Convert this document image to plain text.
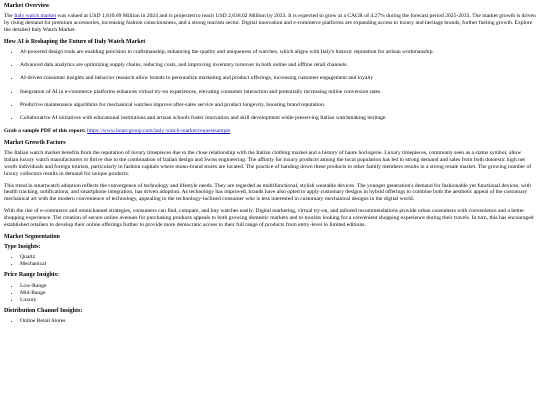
Market Overview

The Italy watch market was valued at USD 1,810.69 Million in 2024 and is projected to reach USD 2,638.02 Million by 2033. It is expected to grow at a CAGR of 4.27% during the forecast period 2025-2033. The market growth is driven by rising demand for premium accessories, increasing fashion consciousness, and a strong tourism sector. Digital innovation and e-commerce platforms are expanding access to luxury and heritage brands, further fueling growth. Explore the detailed Italy Watch Market.

How AI is Reshaping the Future of Italy Watch Market
• AI-powered design tools are enabling precision in craftsmanship, enhancing the quality and uniqueness of watches, which aligns with Italy's historic reputation for artisan workmanship.
• Advanced data analytics are optimizing supply chains, reducing costs, and improving inventory turnover in both online and offline retail channels.
• AI-driven consumer insights and behavior research allow brands to personalize marketing and product offerings, increasing customer engagement and loyalty
• Integration of AI in e-commerce platforms enhances virtual try-on experiences, elevating consumer interaction and potentially increasing online conversion rates.
• Predictive maintenance algorithms for mechanical watches improve after-sales service and product longevity, boosting brand reputation.
• Collaborative AI initiatives with educational institutions and artisan schools foster innovation and skill development while preserving Italian watchmaking heritage.

Grab a sample PDF of this report: https://www.imarcgroup.com/italy-watch-market/requestsample

Market Growth Factors

The Italian watch market benefits from the reputation of luxury timepieces due to the close relationship with the Italian clothing market and a history of haute horlogerie. Luxury timepieces, commonly seen as a status symbol, allow Italian luxury watch manufacturers to thrive due to the combination of Italian design and Swiss engineering. The affinity for luxury products among the local population has led to strong demand and sales from both domestic high net worth individuals and foreign tourists, particularly in fashion capitals where mono-brand stores are located. The practice of handing down these products to other family members results in a strong resale market. The growing number of luxury collectors results in demand for unique products.

This trend in smartwatch adoption reflects the convergence of technology and lifestyle needs. They are regarded as multifunctional, stylish wearable devices. The younger generation's demand for fashionable yet functional devices, with health tracking, notifications, and smartphone integration, has driven adoption. As technology has improved, brands have also opted to apply customary designs in hybrid offerings to combine both the aesthetic appeal of the customary mechanical art with the modern convenience of technology, appealing to the technology-inclined consumer who is less interested in customary mechanical designs in the digital world.

With the rise of e-commerce and omnichannel strategies, consumers can find, compare, and buy watches easily. Digital marketing, virtual try-on, and tailored recommendations provide urban consumers with convenience and a better shopping experience. The creation of secure online avenues for purchasing products appeals to both growing domestic markets and to tourists looking for a convenient shopping experience during their travels. In turn, this has encouraged established retailers to develop their online offerings further to provide more democratic access to their full range of products from entry-level to limited editions.

Market Segmentation
Type Insights:
• Quartz
• Mechanical
Price Range Insights:
• Low-Range
• Mid-Range
• Luxury
Distribution Channel Insights:
• Online Retail Stores
